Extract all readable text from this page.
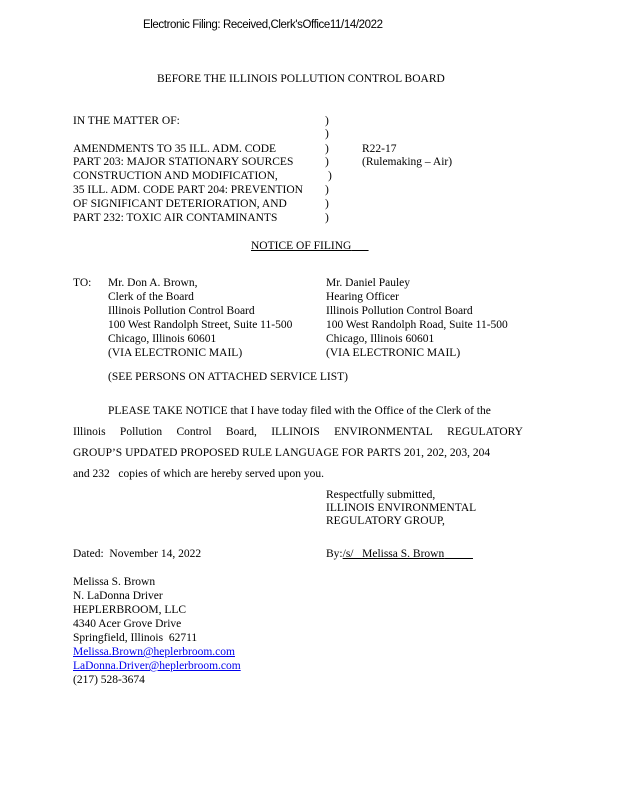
Electronic Filing: Received,Clerk'sOffice11/14/2022
BEFORE THE ILLINOIS POLLUTION CONTROL BOARD
IN THE MATTER OF:
AMENDMENTS TO 35 ILL. ADM. CODE
PART 203: MAJOR STATIONARY SOURCES
CONSTRUCTION AND MODIFICATION,
35 ILL. ADM. CODE PART 204: PREVENTION
OF SIGNIFICANT DETERIORATION, AND
PART 232: TOXIC AIR CONTAMINANTS
)
)
)
)
)
)
)
)
R22-17
(Rulemaking – Air)
NOTICE OF FILING
TO: Mr. Don A. Brown,
Clerk of the Board
Illinois Pollution Control Board
100 West Randolph Street, Suite 11-500
Chicago, Illinois 60601
(VIA ELECTRONIC MAIL)
Mr. Daniel Pauley
Hearing Officer
Illinois Pollution Control Board
100 West Randolph Road, Suite 11-500
Chicago, Illinois 60601
(VIA ELECTRONIC MAIL)
(SEE PERSONS ON ATTACHED SERVICE LIST)
PLEASE TAKE NOTICE that I have today filed with the Office of the Clerk of the
Illinois Pollution Control Board, ILLINOIS ENVIRONMENTAL REGULATORY
GROUP’S UPDATED PROPOSED RULE LANGUAGE FOR PARTS 201, 202, 203, 204
and 232   copies of which are hereby served upon you.
Respectfully submitted,
ILLINOIS ENVIRONMENTAL
REGULATORY GROUP,
Dated:  November 14, 2022	By:/s/   Melissa S. Brown
Melissa S. Brown
N. LaDonna Driver
HEPLERBROOM, LLC
4340 Acer Grove Drive
Springfield, Illinois  62711
Melissa.Brown@heplerbroom.com
LaDonna.Driver@heplerbroom.com
(217) 528-3674
